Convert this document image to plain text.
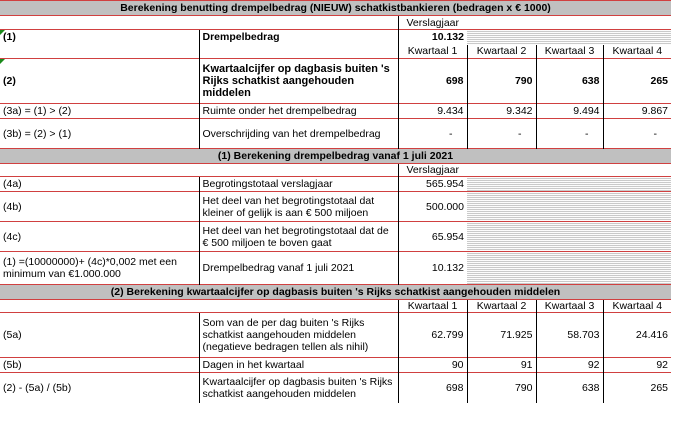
Berekening benutting drempelbedrag (NIEUW) schatkistbankieren (bedragen x € 1000)					
		Verslagjaar			
(1)	Drempelbedrag	10.132			
		Kwartaal 1	Kwartaal 2	Kwartaal 3	Kwartaal 4
(2)	Kwartaalcijfer op dagbasis buiten 's Rijks schatkist aangehouden middelen	698	790	638	265
(3a) = (1) > (2)	Ruimte onder het drempelbedrag	9.434	9.342	9.494	9.867
(3b) = (2) > (1)	Overschrijding van het drempelbedrag	-	-	-	-
(1) Berekening drempelbedrag vanaf 1 juli 2021					
		Verslagjaar			
(4a)	Begrotingstotaal verslagjaar	565.954			
(4b)	Het deel van het begrotingstotaal dat kleiner of gelijk is aan € 500 miljoen	500.000			
(4c)	Het deel van het begrotingstotaal dat de € 500 miljoen te boven gaat	65.954			
(1) =(10000000)+ (4c)*0,002 met een minimum van €1.000.000	Drempelbedrag vanaf 1 juli 2021	10.132			
(2) Berekening kwartaalcijfer op dagbasis buiten 's Rijks schatkist aangehouden middelen					
		Kwartaal 1	Kwartaal 2	Kwartaal 3	Kwartaal 4
(5a)	Som van de per dag buiten 's Rijks schatkist aangehouden middelen (negatieve bedragen tellen als nihil)	62.799	71.925	58.703	24.416
(5b)	Dagen in het kwartaal	90	91	92	92
(2) - (5a) / (5b)	Kwartaalcijfer op dagbasis buiten 's Rijks schatkist aangehouden middelen	698	790	638	265
